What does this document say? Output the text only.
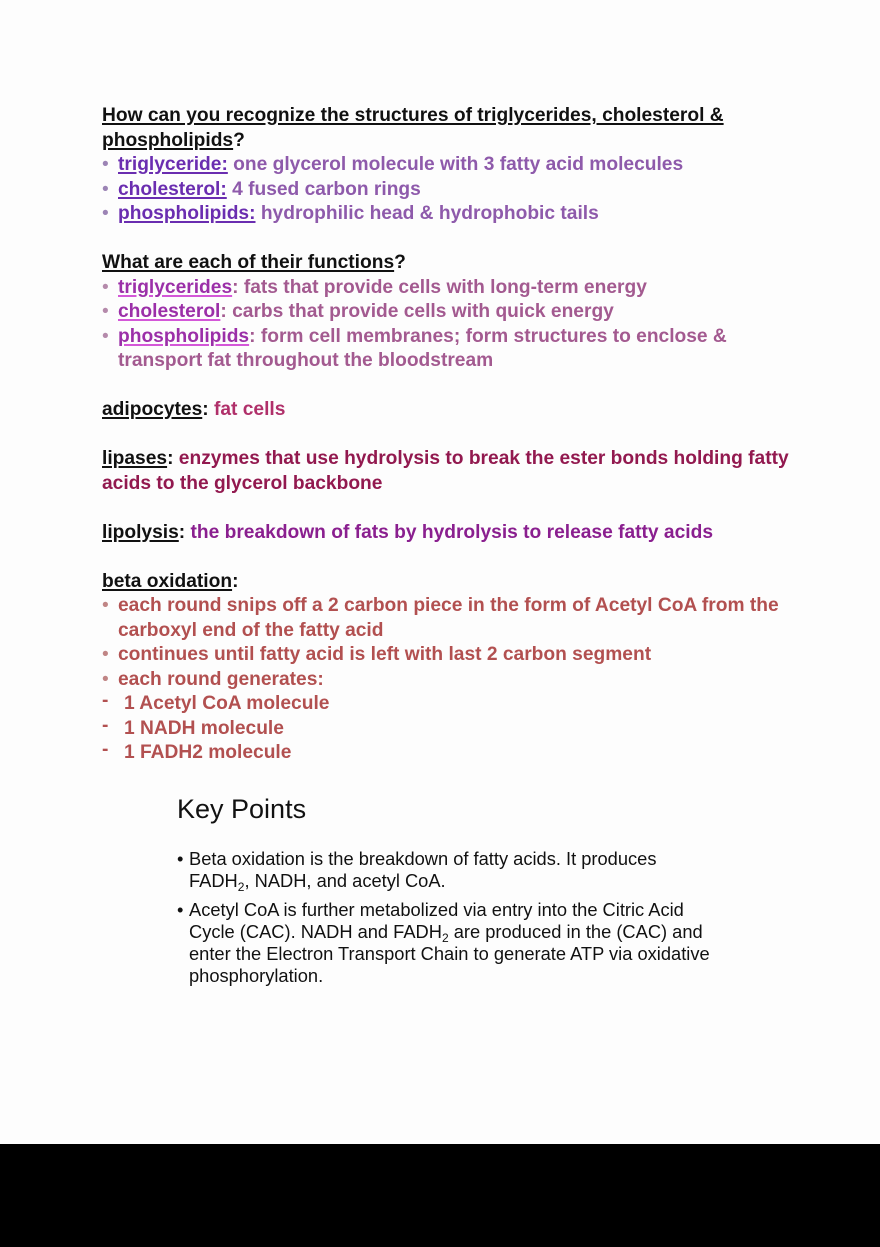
How can you recognize the structures of triglycerides, cholesterol & phospholipids?
• triglyceride: one glycerol molecule with 3 fatty acid molecules
• cholesterol: 4 fused carbon rings
• phospholipids: hydrophilic head & hydrophobic tails
What are each of their functions?
• triglycerides: fats that provide cells with long-term energy
• cholesterol: carbs that provide cells with quick energy
• phospholipids: form cell membranes; form structures to enclose & transport fat throughout the bloodstream
adipocytes: fat cells
lipases: enzymes that use hydrolysis to break the ester bonds holding fatty acids to the glycerol backbone
lipolysis: the breakdown of fats by hydrolysis to release fatty acids
beta oxidation:
• each round snips off a 2 carbon piece in the form of Acetyl CoA from the carboxyl end of the fatty acid
• continues until fatty acid is left with last 2 carbon segment
• each round generates:
- 1 Acetyl CoA molecule
- 1 NADH molecule
- 1 FADH2 molecule
Key Points
• Beta oxidation is the breakdown of fatty acids. It produces $FADH_2$, NADH, and acetyl CoA.
• Acetyl CoA is further metabolized via entry into the Citric Acid Cycle (CAC). NADH and $FADH_2$ are produced in the (CAC) and enter the Electron Transport Chain to generate ATP via oxidative phosphorylation.
